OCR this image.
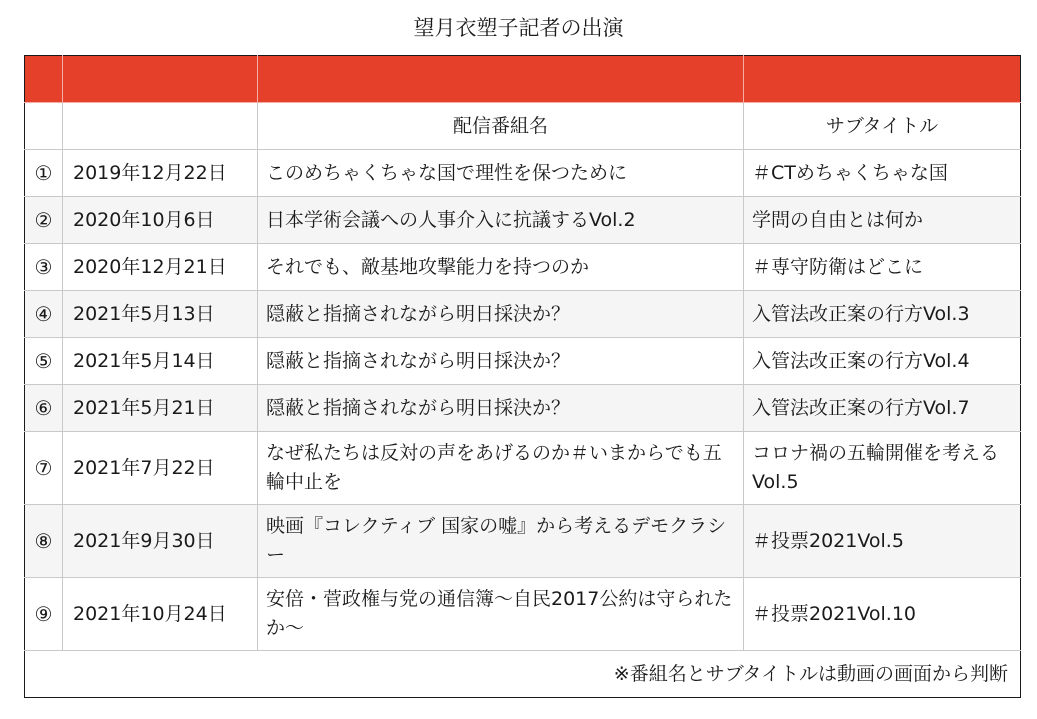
望月衣塑子記者の出演

		配信番組名	サブタイトル
①	2019年12月22日	このめちゃくちゃな国で理性を保つために	＃CTめちゃくちゃな国
②	2020年10月6日	日本学術会議への人事介入に抗議するVol.2	学問の自由とは何か
③	2020年12月21日	それでも、敵基地攻撃能力を持つのか	＃専守防衛はどこに
④	2021年5月13日	隠蔽と指摘されながら明日採決か？	入管法改正案の行方Vol.3
⑤	2021年5月14日	隠蔽と指摘されながら明日採決か？	入管法改正案の行方Vol.4
⑥	2021年5月21日	隠蔽と指摘されながら明日採決か？	入管法改正案の行方Vol.7
⑦	2021年7月22日	なぜ私たちは反対の声をあげるのか＃いまからでも五輪中止を	コロナ禍の五輪開催を考えるVol.5
⑧	2021年9月30日	映画『コレクティブ 国家の嘘』から考えるデモクラシー	＃投票2021Vol.5
⑨	2021年10月24日	安倍・菅政権与党の通信簿〜自民2017公約は守られたか〜	＃投票2021Vol.10
※番組名とサブタイトルは動画の画面から判断			
